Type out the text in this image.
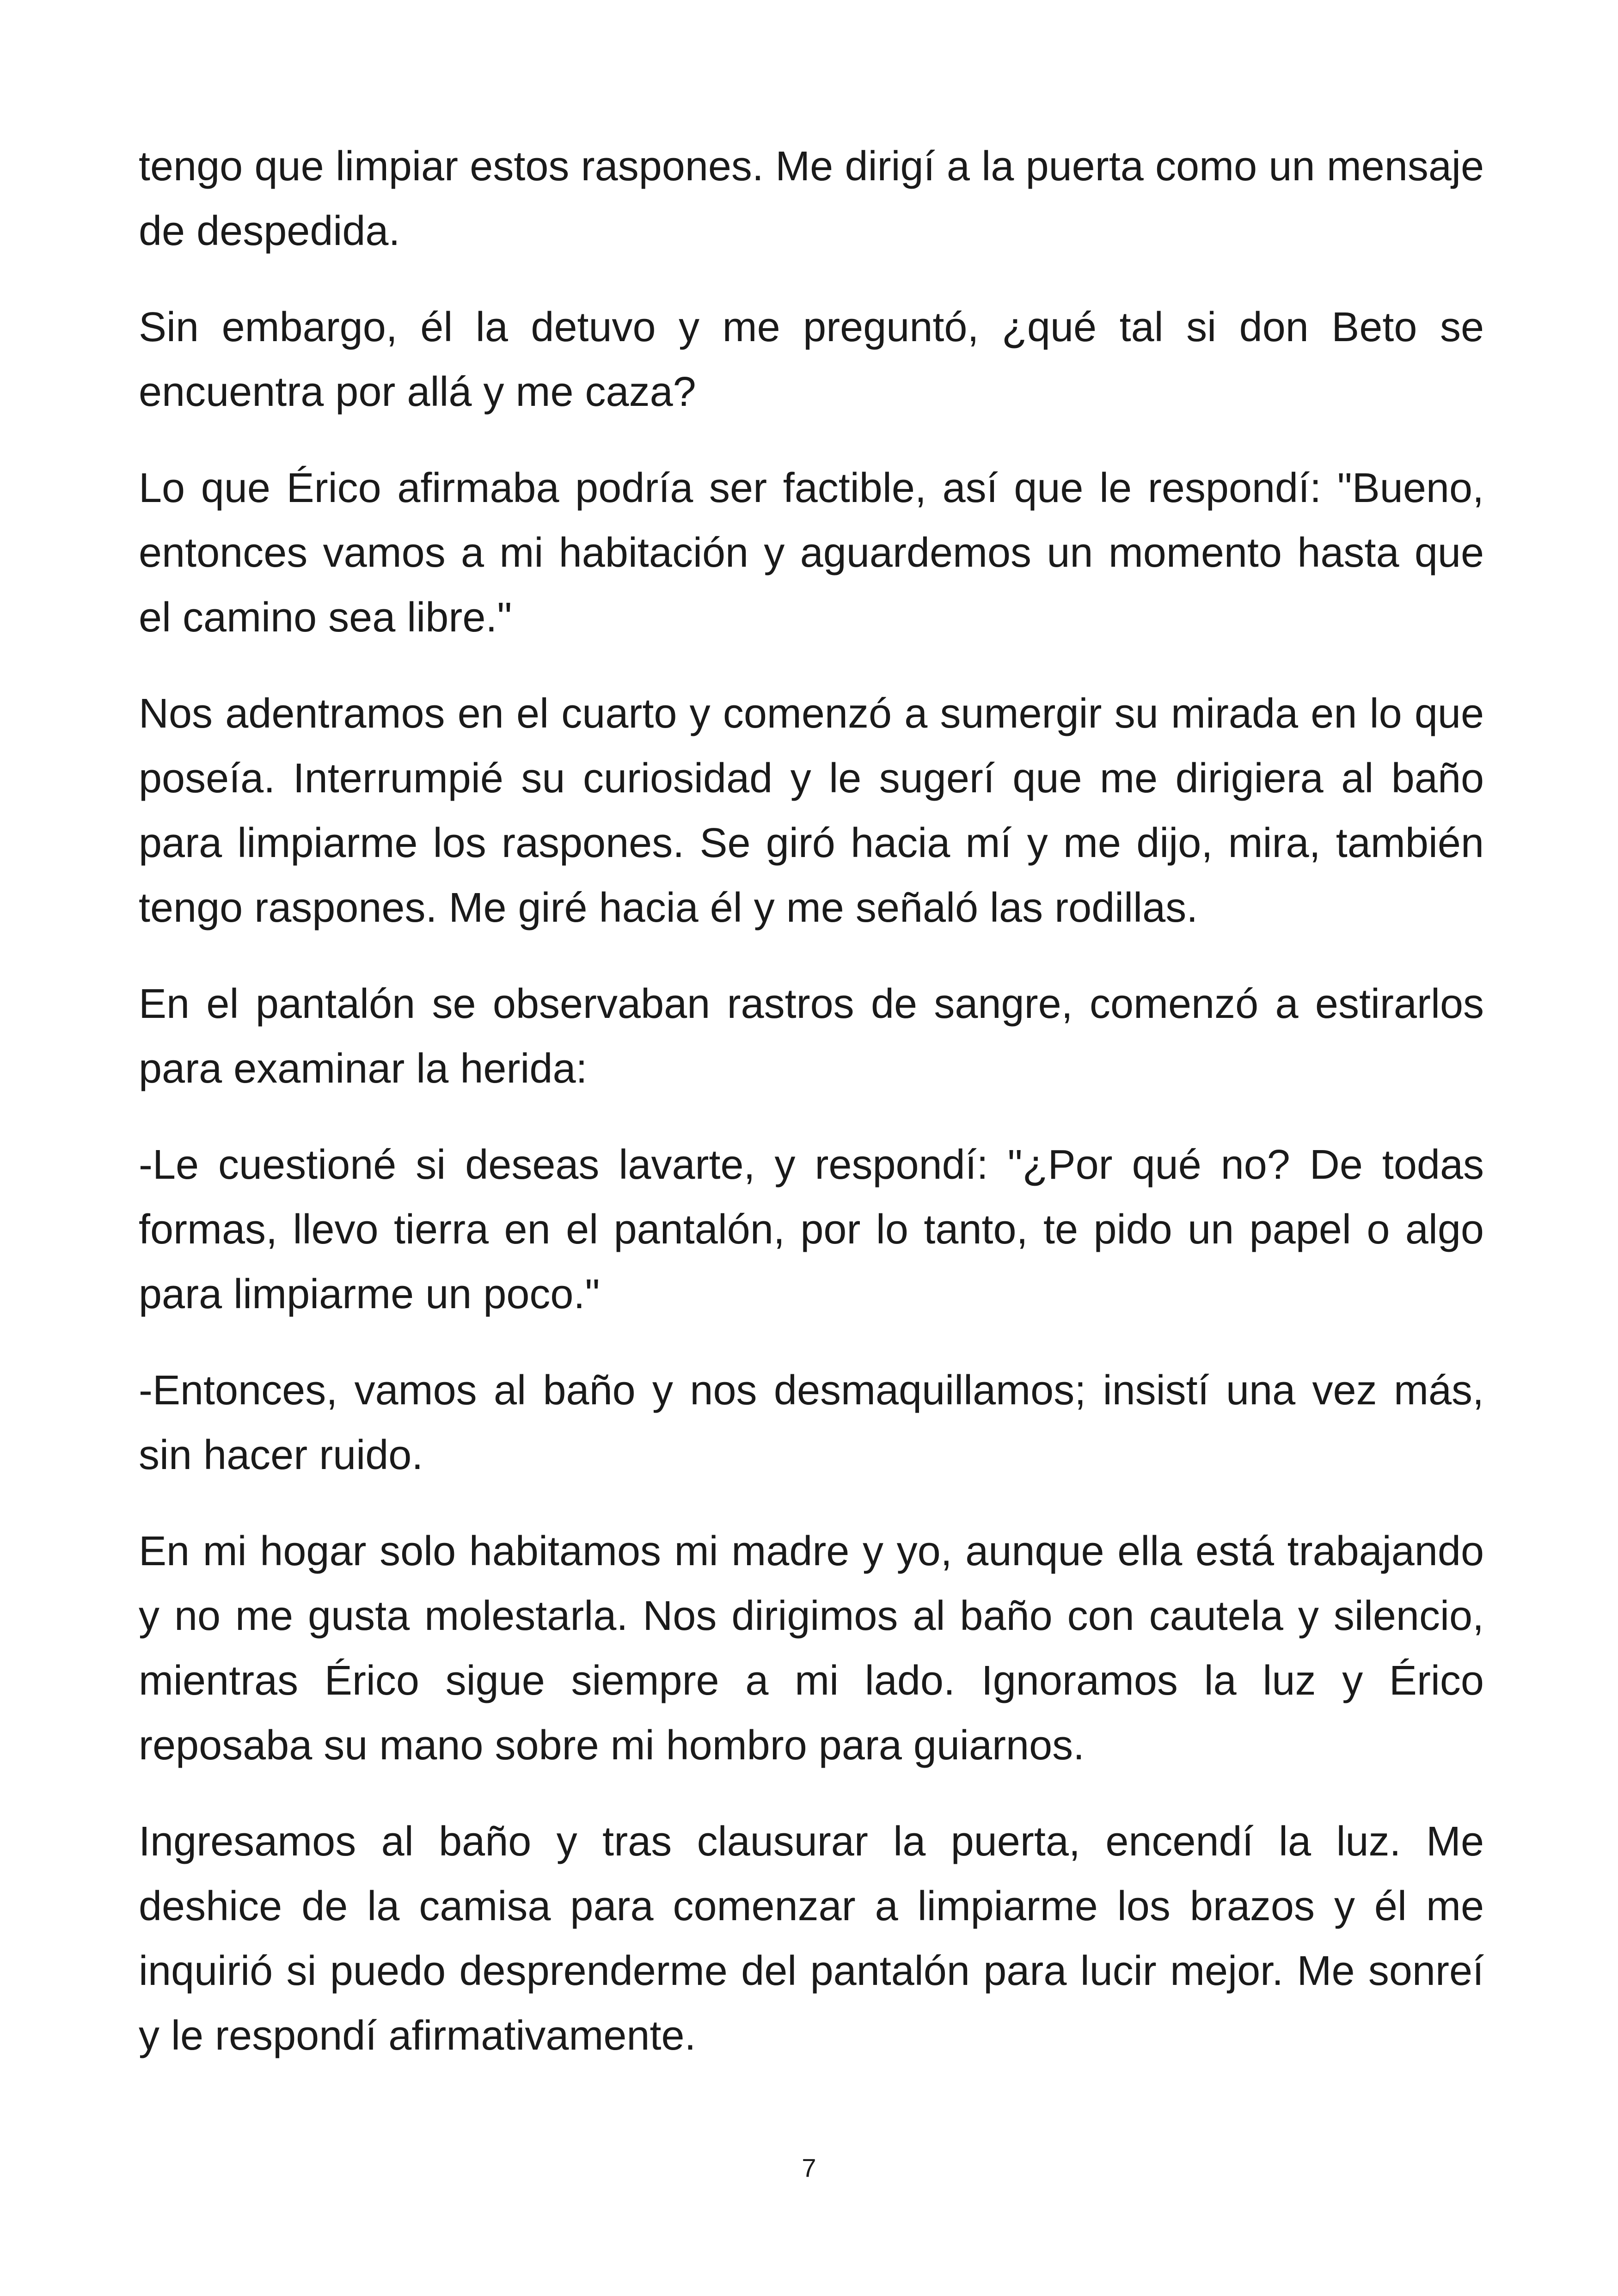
tengo que limpiar estos raspones. Me dirigí a la puerta como un mensaje de despedida.

Sin embargo, él la detuvo y me preguntó, ¿qué tal si don Beto se encuentra por allá y me caza?

Lo que Érico afirmaba podría ser factible, así que le respondí: "Bueno, entonces vamos a mi habitación y aguardemos un momento hasta que el camino sea libre."

Nos adentramos en el cuarto y comenzó a sumergir su mirada en lo que poseía. Interrumpié su curiosidad y le sugerí que me dirigiera al baño para limpiarme los raspones. Se giró hacia mí y me dijo, mira, también tengo raspones. Me giré hacia él y me señaló las rodillas.

En el pantalón se observaban rastros de sangre, comenzó a estirarlos para examinar la herida:

-Le cuestioné si deseas lavarte, y respondí: "¿Por qué no? De todas formas, llevo tierra en el pantalón, por lo tanto, te pido un papel o algo para limpiarme un poco."

-Entonces, vamos al baño y nos desmaquillamos; insistí una vez más, sin hacer ruido.

En mi hogar solo habitamos mi madre y yo, aunque ella está trabajando y no me gusta molestarla. Nos dirigimos al baño con cautela y silencio, mientras Érico sigue siempre a mi lado. Ignoramos la luz y Érico reposaba su mano sobre mi hombro para guiarnos.

Ingresamos al baño y tras clausurar la puerta, encendí la luz. Me deshice de la camisa para comenzar a limpiarme los brazos y él me inquirió si puedo desprenderme del pantalón para lucir mejor. Me sonreí y le respondí afirmativamente.

7
